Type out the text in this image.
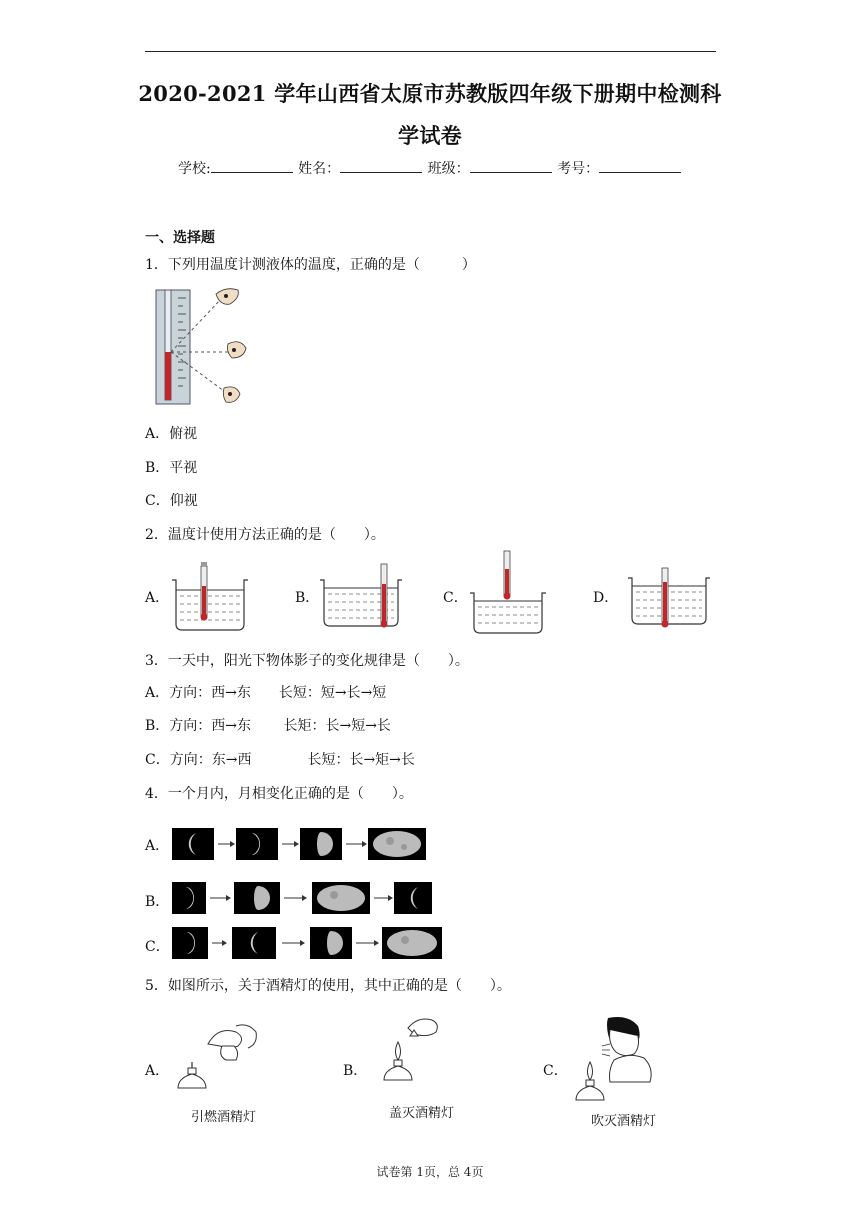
2020-2021 学年山西省太原市苏教版四年级下册期中检测科
学试卷
学校:	姓名：	班级：	考号：
一、选择题
1．下列用温度计测液体的温度，正确的是（　　　）
A．俯视
B．平视
C．仰视
2．温度计使用方法正确的是（　　）。
A．	B．	C．	D．
3．一天中，阳光下物体影子的变化规律是（　　）。
A．方向：西→东　　长短：短→长→短
B．方向：西→东　　 长矩：长→短→长
C．方向：东→西　　　　长短：长→矩→长
4．一个月内，月相变化正确的是（　　）。
A．
B．
C．
5．如图所示，关于酒精灯的使用，其中正确的是（　　）。
A．
引燃酒精灯
B．
盖灭酒精灯
C．
吹灭酒精灯
试卷第 1页，总 4页
